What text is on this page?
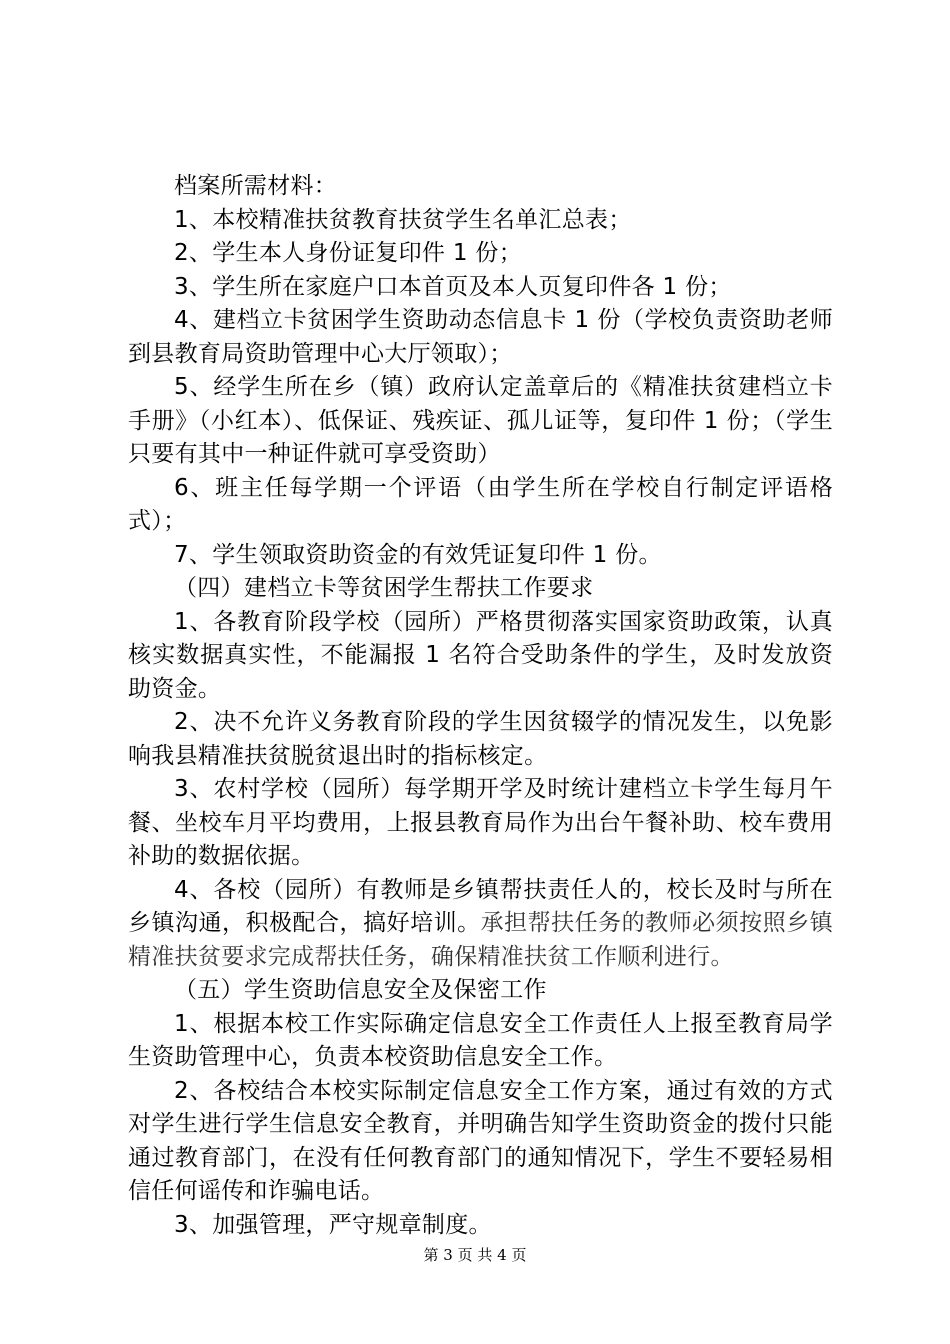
档案所需材料：

1、本校精准扶贫教育扶贫学生名单汇总表；

2、学生本人身份证复印件 1 份；

3、学生所在家庭户口本首页及本人页复印件各 1 份；

4、建档立卡贫困学生资助动态信息卡 1 份（学校负责资助老师到县教育局资助管理中心大厅领取）；

5、经学生所在乡（镇）政府认定盖章后的《精准扶贫建档立卡手册》（小红本）、低保证、残疾证、孤儿证等，复印件 1 份；（学生只要有其中一种证件就可享受资助）

6、班主任每学期一个评语（由学生所在学校自行制定评语格式）；

7、学生领取资助资金的有效凭证复印件 1 份。

（四）建档立卡等贫困学生帮扶工作要求

1、各教育阶段学校（园所）严格贯彻落实国家资助政策，认真核实数据真实性，不能漏报 1 名符合受助条件的学生，及时发放资助资金。

2、决不允许义务教育阶段的学生因贫辍学的情况发生，以免影响我县精准扶贫脱贫退出时的指标核定。

3、农村学校（园所）每学期开学及时统计建档立卡学生每月午餐、坐校车月平均费用，上报县教育局作为出台午餐补助、校车费用补助的数据依据。

4、各校（园所）有教师是乡镇帮扶责任人的，校长及时与所在乡镇沟通，积极配合，搞好培训。承担帮扶任务的教师必须按照乡镇精准扶贫要求完成帮扶任务，确保精准扶贫工作顺利进行。

（五）学生资助信息安全及保密工作

1、根据本校工作实际确定信息安全工作责任人上报至教育局学生资助管理中心，负责本校资助信息安全工作。

2、各校结合本校实际制定信息安全工作方案，通过有效的方式对学生进行学生信息安全教育，并明确告知学生资助资金的拨付只能通过教育部门，在没有任何教育部门的通知情况下，学生不要轻易相信任何谣传和诈骗电话。

3、加强管理，严守规章制度。

第 3 页 共 4 页
